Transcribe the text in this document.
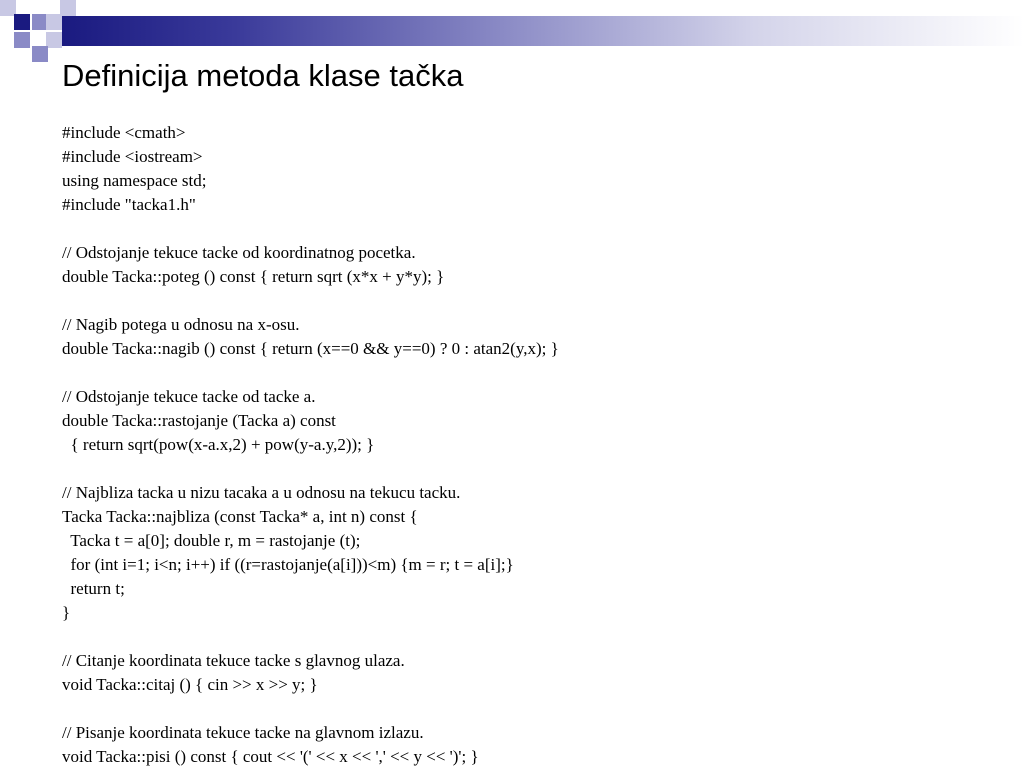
Definicija metoda klase tačka
#include <cmath>
#include <iostream>
using namespace std;
#include "tacka1.h"
// Odstojanje tekuce tacke od koordinatnog pocetka.
double Tacka::poteg () const { return sqrt (x*x + y*y); }
// Nagib potega u odnosu na x-osu.
double Tacka::nagib () const { return (x==0 && y==0) ? 0 : atan2(y,x); }
// Odstojanje tekuce tacke od tacke a.
double Tacka::rastojanje (Tacka a) const
{ return sqrt(pow(x-a.x,2) + pow(y-a.y,2)); }
// Najbliza tacka u nizu tacaka a u odnosu na tekucu tacku.
Tacka Tacka::najbliza (const Tacka* a, int n) const {
Tacka t = a[0]; double r, m = rastojanje (t);
for (int i=1; i<n; i++) if ((r=rastojanje(a[i]))<m) {m = r; t = a[i];}
return t;
}
// Citanje koordinata tekuce tacke s glavnog ulaza.
void Tacka::citaj () { cin >> x >> y; }
// Pisanje koordinata tekuce tacke na glavnom izlazu.
void Tacka::pisi () const { cout << '(' << x << ',' << y << ')'; }
